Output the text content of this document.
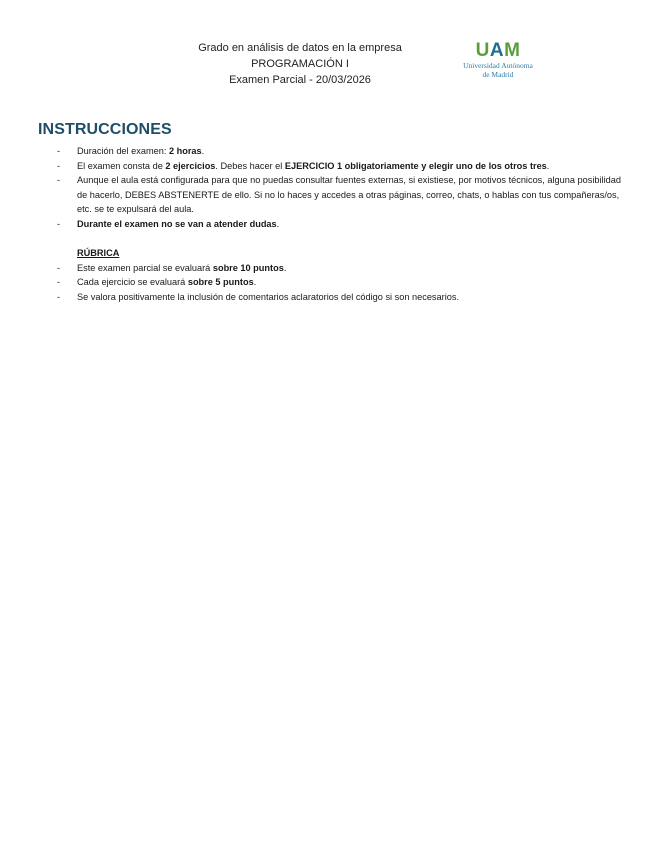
Grado en análisis de datos en la empresa
PROGRAMACIÓN I
Examen Parcial - 20/03/2026
UAM
Universidad Autónoma
de Madrid
INSTRUCCIONES
- Duración del examen: 2 horas.
- El examen consta de 2 ejercicios. Debes hacer el EJERCICIO 1 obligatoriamente y elegir uno de los otros tres.
- Aunque el aula está configurada para que no puedas consultar fuentes externas, si existiese, por motivos técnicos, alguna posibilidad de hacerlo, DEBES ABSTENERTE de ello. Si no lo haces y accedes a otras páginas, correo, chats, o hablas con tus compañeras/os, etc. se te expulsará del aula.
- Durante el examen no se van a atender dudas.
RÚBRICA
- Este examen parcial se evaluará sobre 10 puntos.
- Cada ejercicio se evaluará sobre 5 puntos.
- Se valora positivamente la inclusión de comentarios aclaratorios del código si son necesarios.
